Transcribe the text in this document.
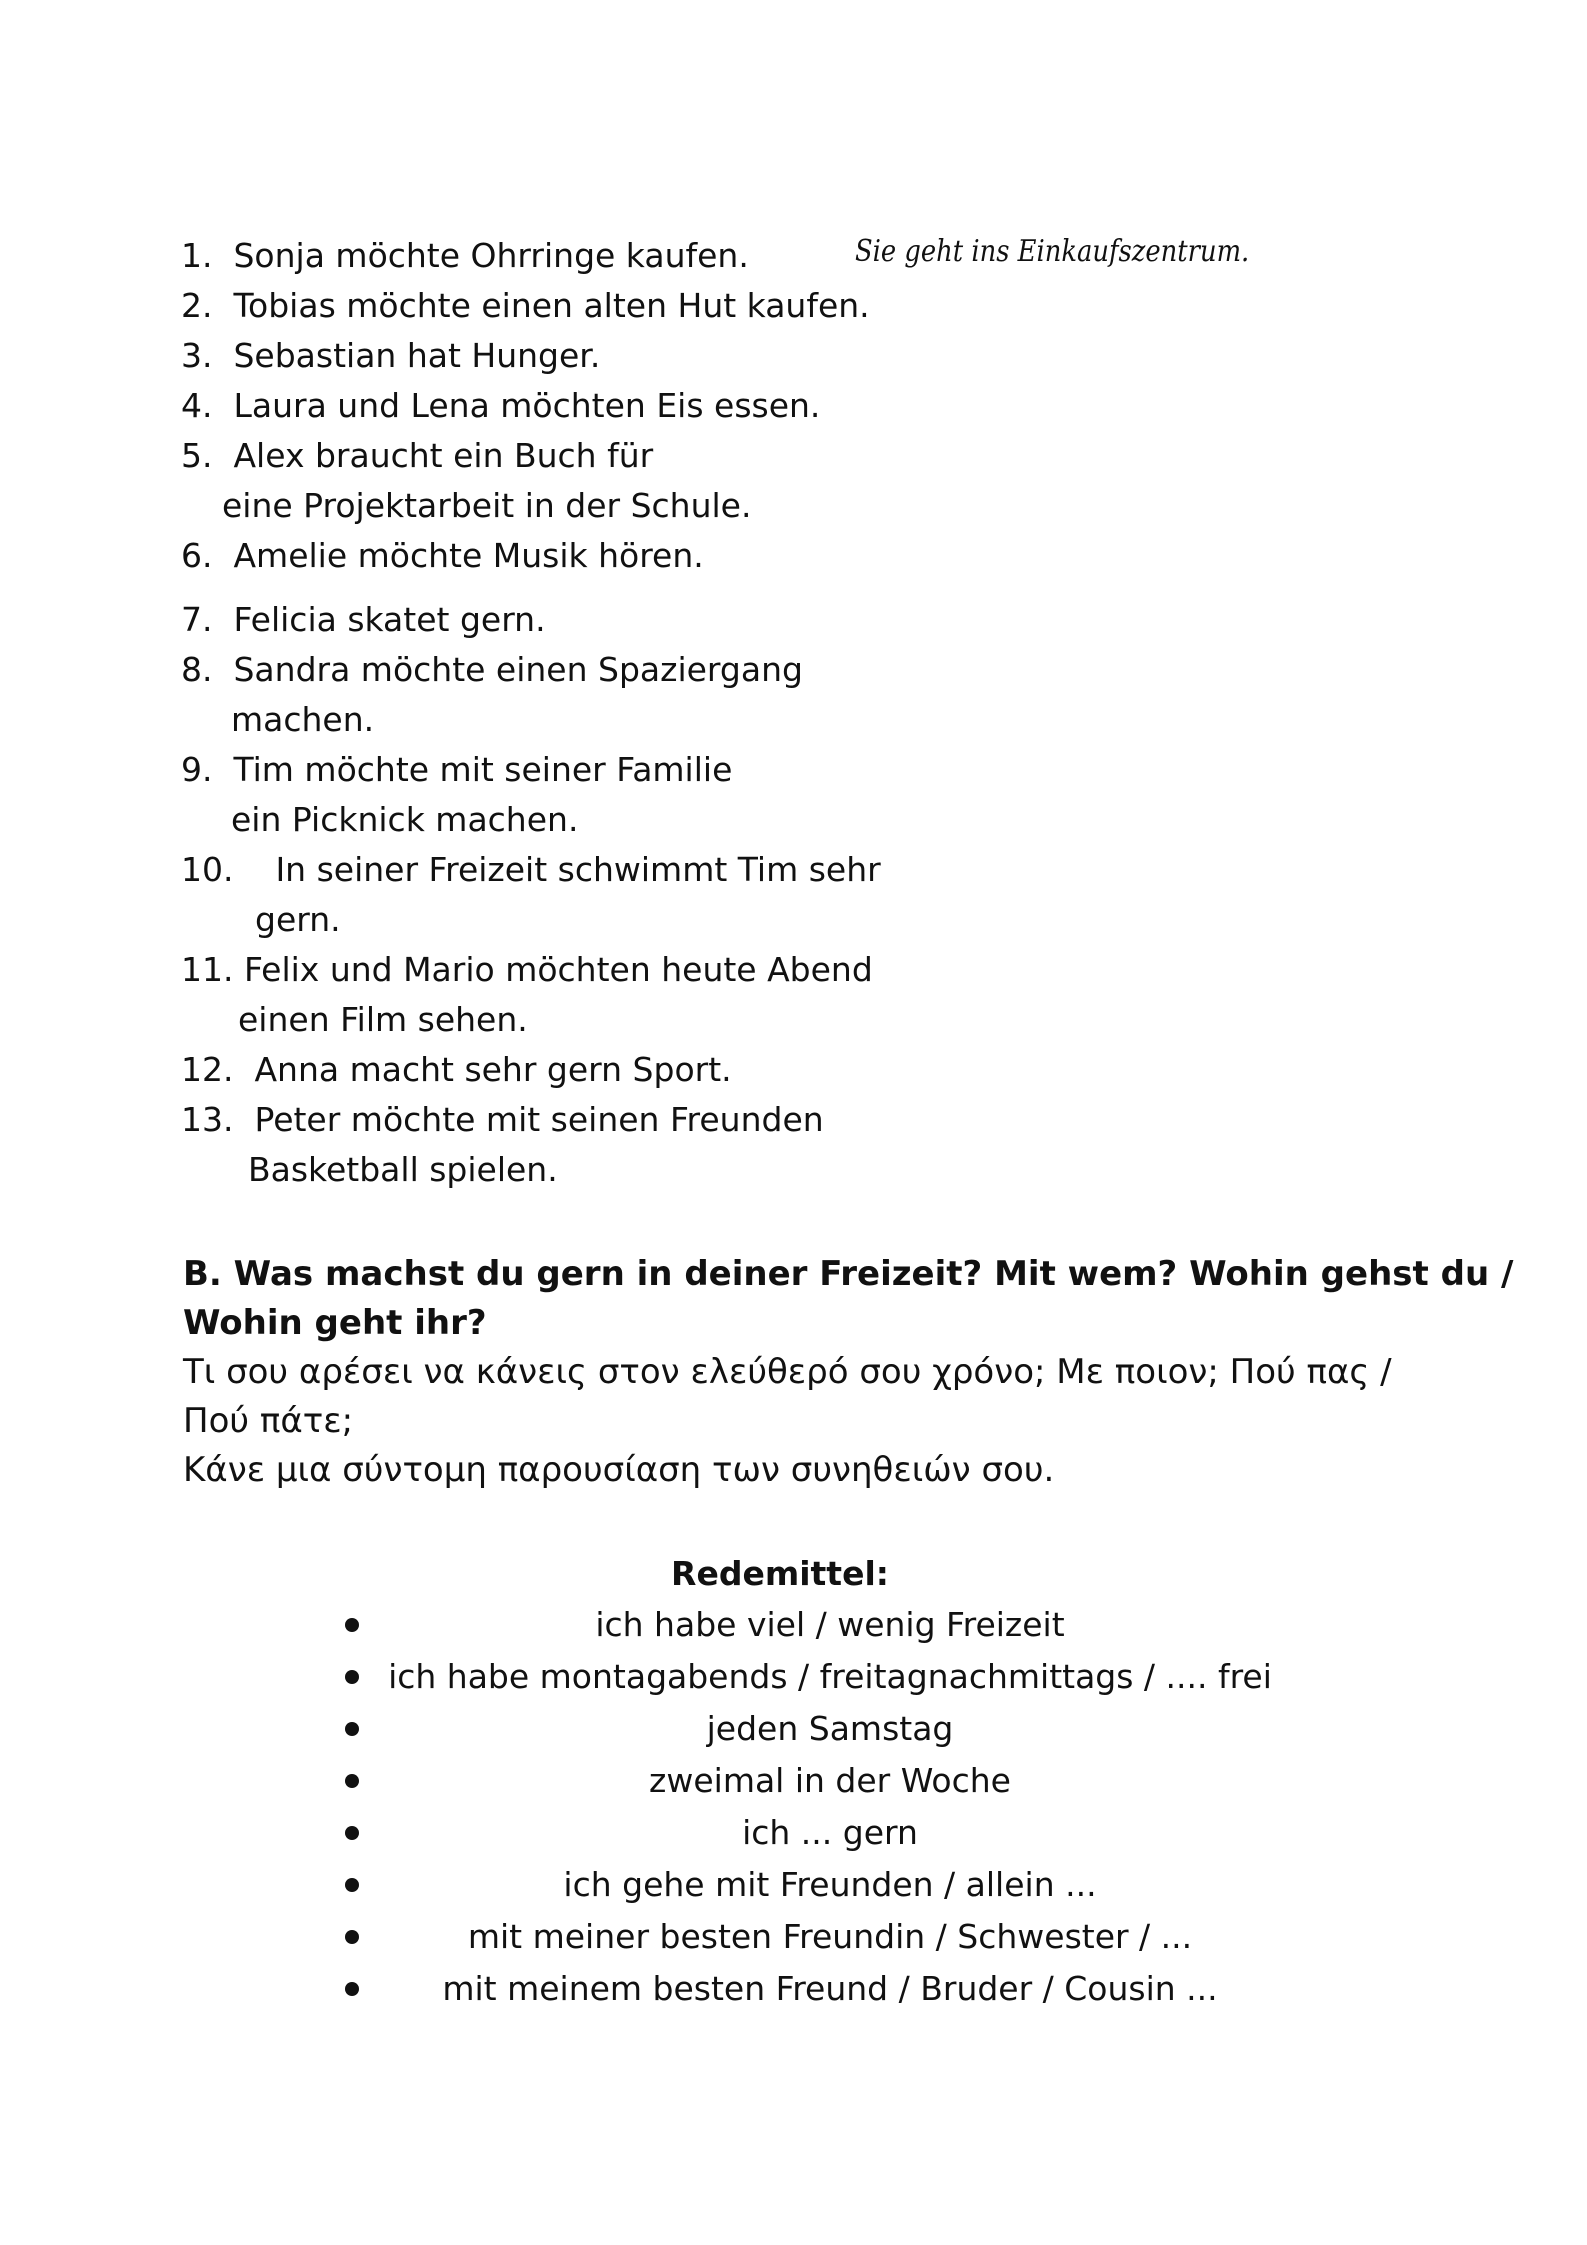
1. Sonja möchte Ohrringe kaufen.
2. Tobias möchte einen alten Hut kaufen.
3. Sebastian hat Hunger.
4. Laura und Lena möchten Eis essen.
5. Alex braucht ein Buch für
eine Projektarbeit in der Schule.
6. Amelie möchte Musik hören.
7. Felicia skatet gern.
8. Sandra möchte einen Spaziergang
machen.
9. Tim möchte mit seiner Familie
ein Picknick machen.
10. In seiner Freizeit schwimmt Tim sehr
gern.
11. Felix und Mario möchten heute Abend
einen Film sehen.
12. Anna macht sehr gern Sport.
13. Peter möchte mit seinen Freunden
Basketball spielen.
Sie geht ins Einkaufszentrum.
B. Was machst du gern in deiner Freizeit? Mit wem? Wohin gehst du /
Wohin geht ihr?
Τι σου αρέσει να κάνεις στον ελεύθερό σου χρόνο; Με ποιον; Πού πας /
Πού πάτε;
Κάνε μια σύντομη παρουσίαση των συνηθειών σου.
Redemittel:
ich habe viel / wenig Freizeit
ich habe montagabends / freitagnachmittags / .... frei
jeden Samstag
zweimal in der Woche
ich ... gern
ich gehe mit Freunden / allein ...
mit meiner besten Freundin / Schwester / ...
mit meinem besten Freund / Bruder / Cousin ...
